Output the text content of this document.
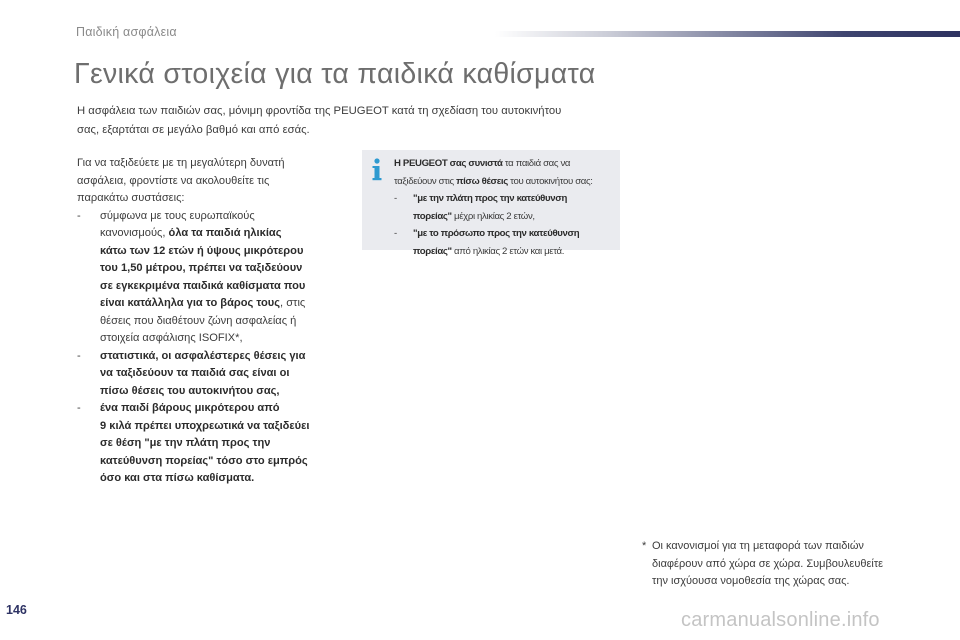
Παιδική ασφάλεια
Γενικά στοιχεία για τα παιδικά καθίσματα

Η ασφάλεια των παιδιών σας, μόνιμη φροντίδα της PEUGEOT κατά τη σχεδίαση του αυτοκινήτου

σας, εξαρτάται σε μεγάλο βαθμό και από εσάς.

Για να ταξιδεύετε με τη μεγαλύτερη δυνατή

ασφάλεια, φροντίστε να ακολουθείτε τις

παρακάτω συστάσεις:

- σύμφωνα με τους ευρωπαϊκούς

κανονισμούς, όλα τα παιδιά ηλικίας

κάτω των 12 ετών ή ύψους μικρότερου

του 1,50 μέτρου, πρέπει να ταξιδεύουν

σε εγκεκριμένα παιδικά καθίσματα που

είναι κατάλληλα για το βάρος τους, στις

θέσεις που διαθέτουν ζώνη ασφαλείας ή

στοιχεία ασφάλισης ISOFIX*,

- στατιστικά, οι ασφαλέστερες θέσεις για

να ταξιδεύουν τα παιδιά σας είναι οι

πίσω θέσεις του αυτοκινήτου σας,

- ένα παιδί βάρους μικρότερου από

9 κιλά πρέπει υποχρεωτικά να ταξιδεύει

σε θέση "με την πλάτη προς την

κατεύθυνση πορείας" τόσο στο εμπρός

όσο και στα πίσω καθίσματα.

Η PEUGEOT σας συνιστά τα παιδιά σας να

ταξιδεύουν στις πίσω θέσεις του αυτοκινήτου σας:

- "με την πλάτη προς την κατεύθυνση

πορείας" μέχρι ηλικίας 2 ετών,

- "με το πρόσωπο προς την κατεύθυνση

πορείας" από ηλικίας 2 ετών και μετά.

* Οι κανονισμοί για τη μεταφορά των παιδιών

διαφέρουν από χώρα σε χώρα. Συμβουλευθείτε

την ισχύουσα νομοθεσία της χώρας σας.

146	carmanualsonline.info
